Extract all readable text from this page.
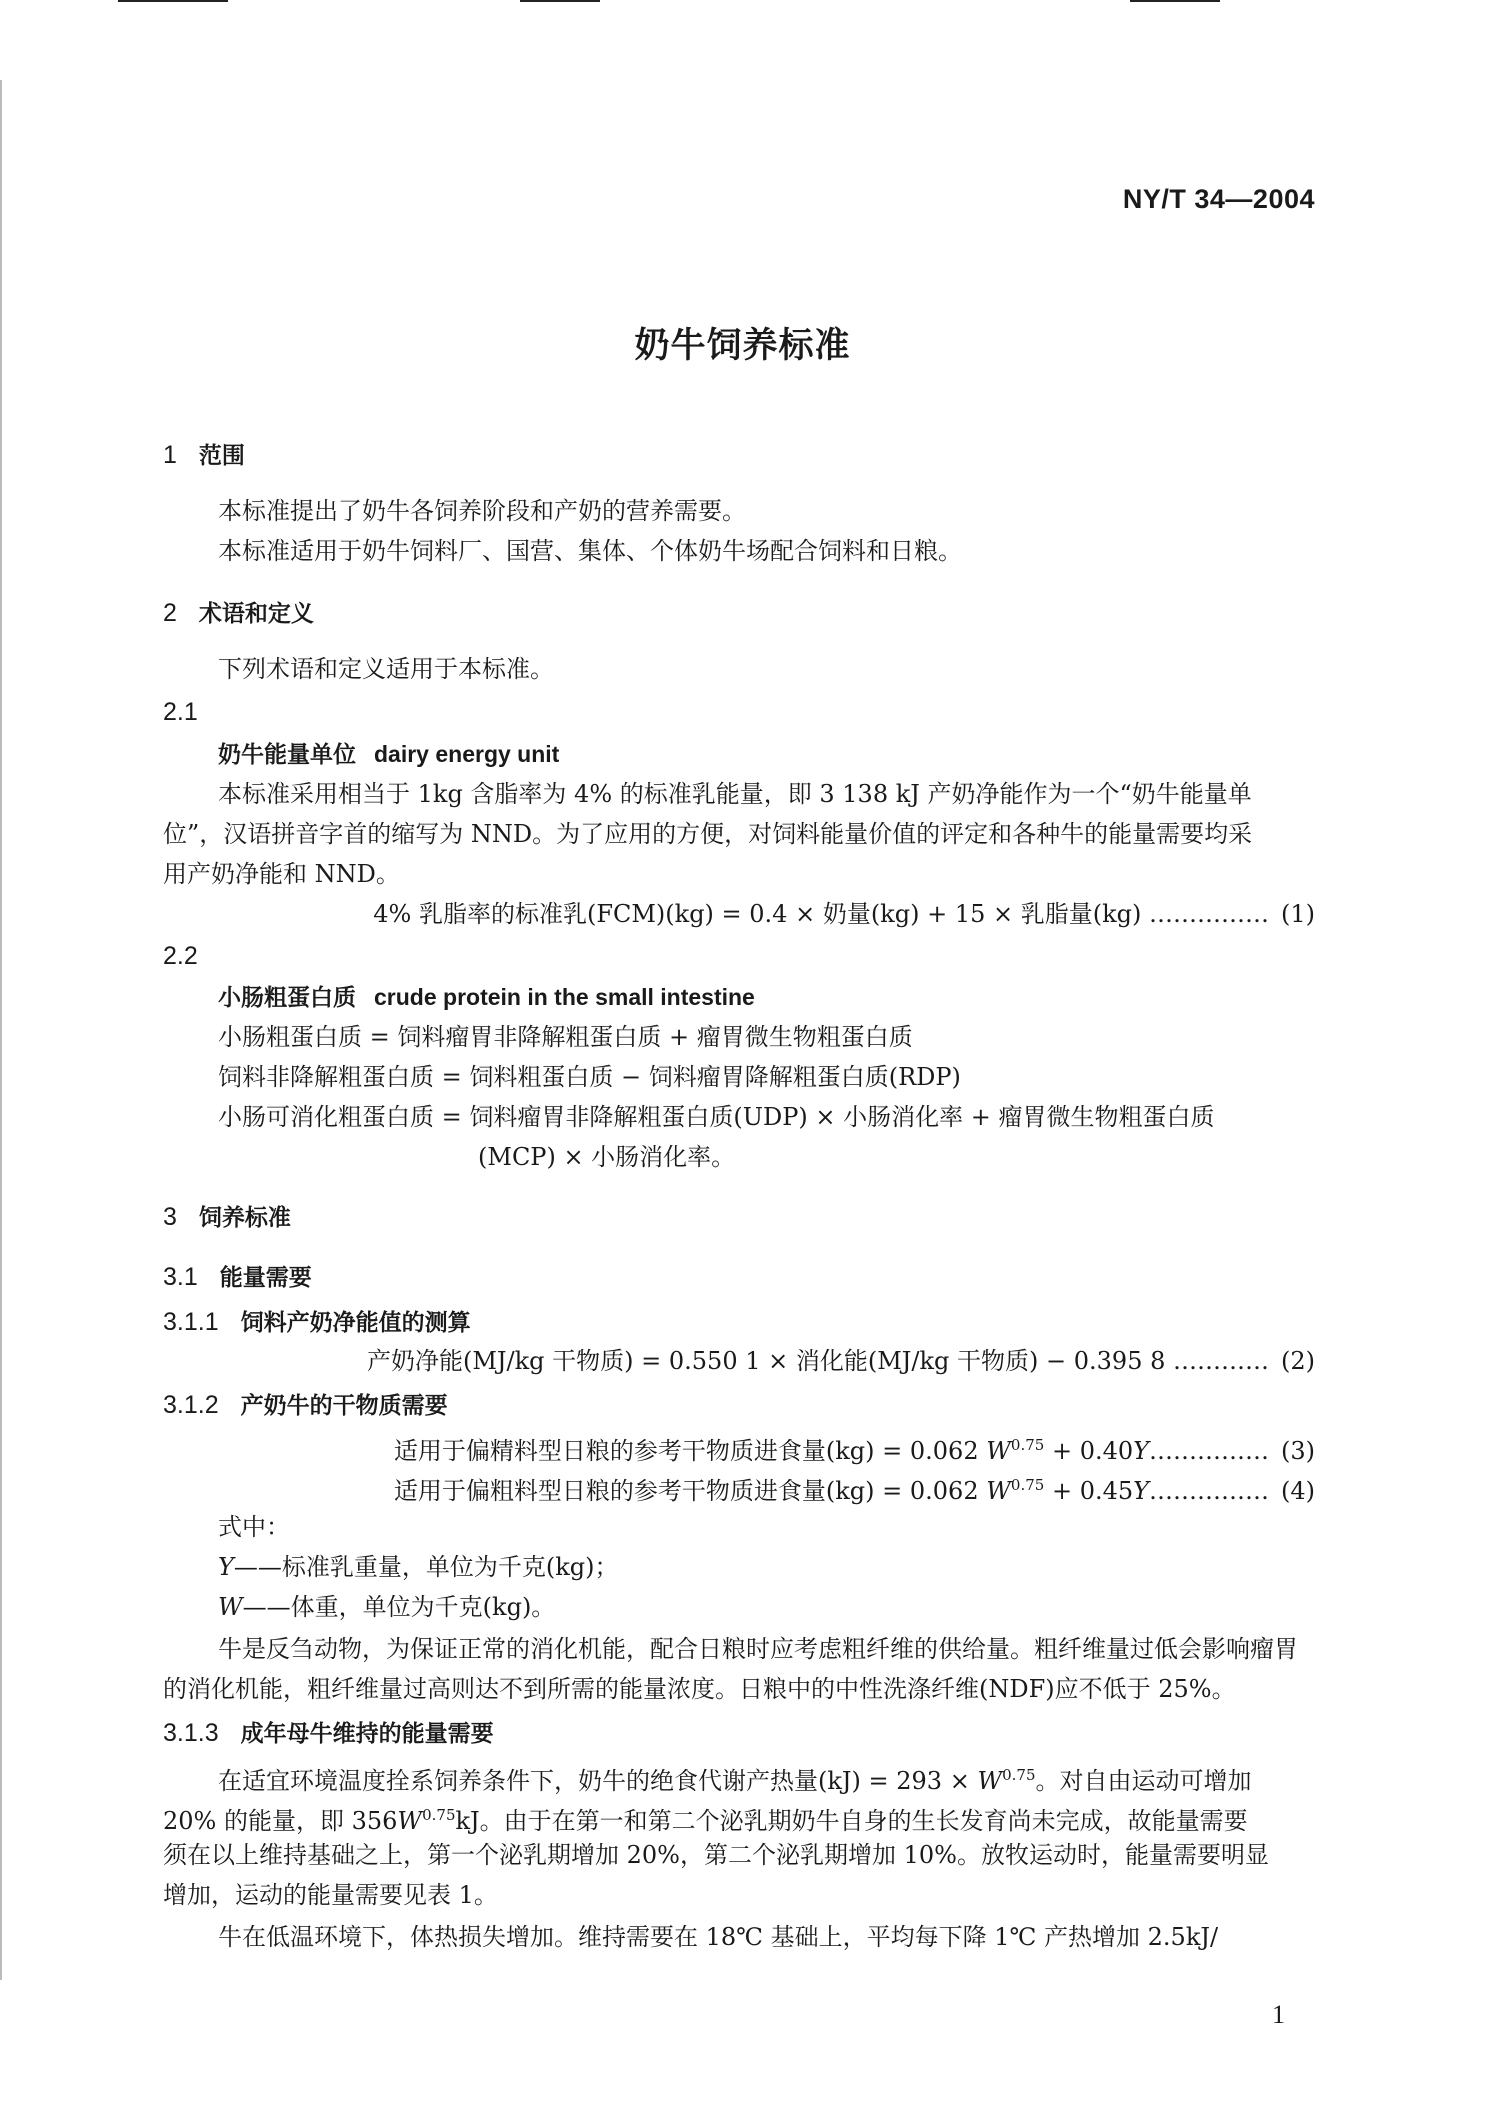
NY/T 34—2004
奶牛饲养标准
1 范围
本标准提出了奶牛各饲养阶段和产奶的营养需要。
本标准适用于奶牛饲料厂、国营、集体、个体奶牛场配合饲料和日粮。
2 术语和定义
下列术语和定义适用于本标准。
2.1
奶牛能量单位 dairy energy unit
本标准采用相当于 1kg 含脂率为 4% 的标准乳能量，即 3 138 kJ 产奶净能作为一个“奶牛能量单
位”，汉语拼音字首的缩写为 NND。为了应用的方便，对饲料能量价值的评定和各种牛的能量需要均采
用产奶净能和 NND。
4% 乳脂率的标准乳(FCM)(kg) = 0.4 × 奶量(kg) + 15 × 乳脂量(kg) …………… (1)
2.2
小肠粗蛋白质 crude protein in the small intestine
小肠粗蛋白质 = 饲料瘤胃非降解粗蛋白质 + 瘤胃微生物粗蛋白质
饲料非降解粗蛋白质 = 饲料粗蛋白质 − 饲料瘤胃降解粗蛋白质(RDP)
小肠可消化粗蛋白质 = 饲料瘤胃非降解粗蛋白质(UDP) × 小肠消化率 + 瘤胃微生物粗蛋白质
(MCP) × 小肠消化率。
3 饲养标准
3.1 能量需要
3.1.1 饲料产奶净能值的测算
产奶净能(MJ/kg 干物质) = 0.550 1 × 消化能(MJ/kg 干物质) − 0.395 8 ………… (2)
3.1.2 产奶牛的干物质需要
适用于偏精料型日粮的参考干物质进食量(kg) = 0.062 $W^{0.75}$ + 0.40Y…………… (3)
适用于偏粗料型日粮的参考干物质进食量(kg) = 0.062 $W^{0.75}$ + 0.45Y…………… (4)
式中：
Y——标准乳重量，单位为千克(kg)；
W——体重，单位为千克(kg)。
牛是反刍动物，为保证正常的消化机能，配合日粮时应考虑粗纤维的供给量。粗纤维量过低会影响瘤胃
的消化机能，粗纤维量过高则达不到所需的能量浓度。日粮中的中性洗涤纤维(NDF)应不低于 25%。
3.1.3 成年母牛维持的能量需要
在适宜环境温度拴系饲养条件下，奶牛的绝食代谢产热量$(kJ) = 293 \times W^{0.75}$。对自由运动可增加
20% 的能量，即 $356W^{0.75}kJ$。由于在第一和第二个泌乳期奶牛自身的生长发育尚未完成，故能量需要
须在以上维持基础之上，第一个泌乳期增加 20%，第二个泌乳期增加 10%。放牧运动时，能量需要明显
增加，运动的能量需要见表 1。
牛在低温环境下，体热损失增加。维持需要在 18℃ 基础上，平均每下降 1℃ 产热增加 2.5kJ/
1
